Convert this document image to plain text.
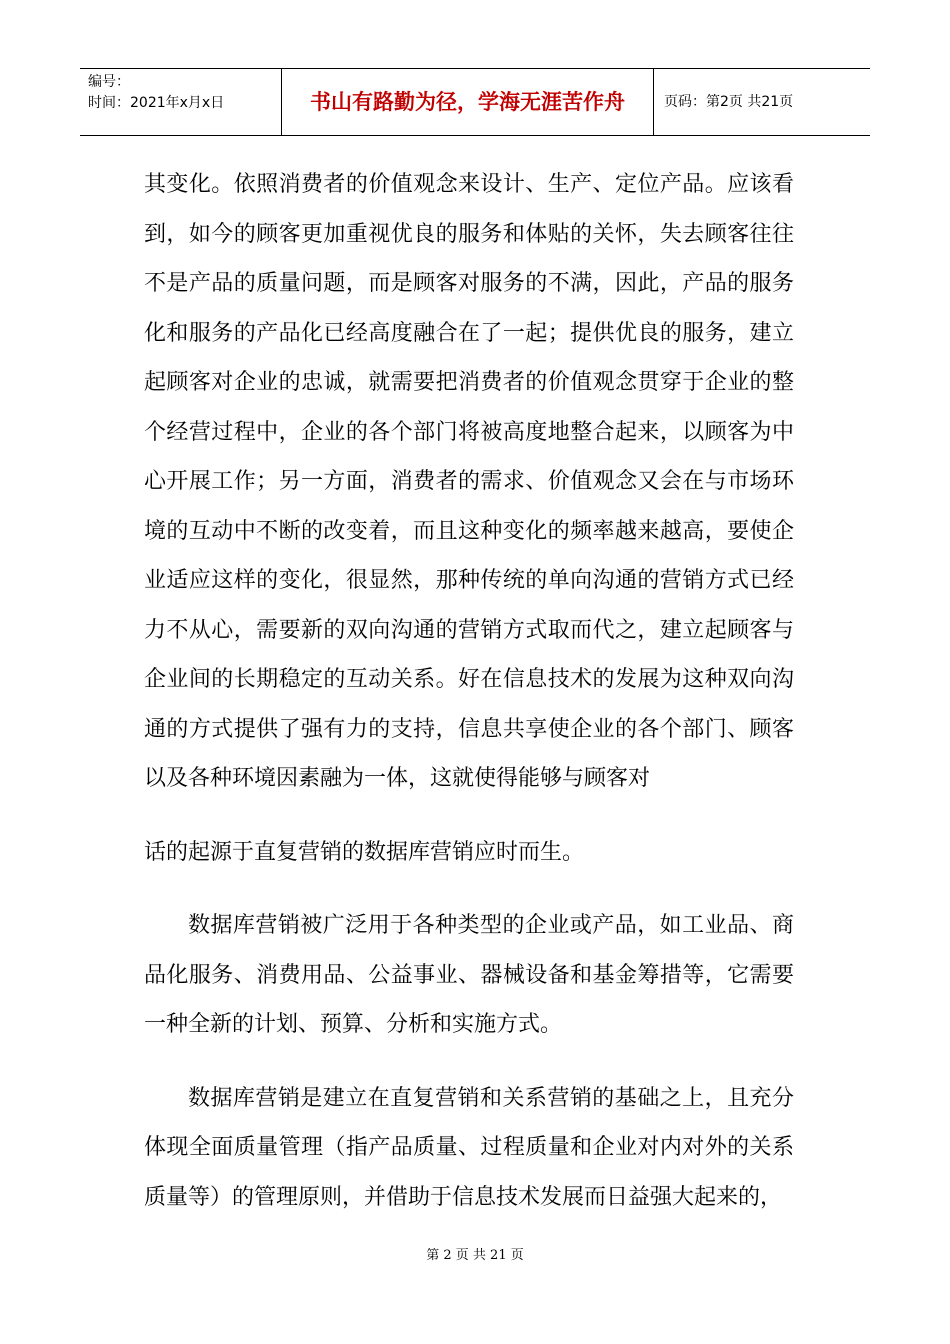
编号：
时间：2021年x月x日	书山有路勤为径，学海无涯苦作舟	页码：第2页 共21页

其变化。依照消费者的价值观念来设计、生产、定位产品。应该看到，如今的顾客更加重视优良的服务和体贴的关怀，失去顾客往往不是产品的质量问题，而是顾客对服务的不满，因此，产品的服务化和服务的产品化已经高度融合在了一起；提供优良的服务，建立起顾客对企业的忠诚，就需要把消费者的价值观念贯穿于企业的整个经营过程中，企业的各个部门将被高度地整合起来，以顾客为中心开展工作；另一方面，消费者的需求、价值观念又会在与市场环境的互动中不断的改变着，而且这种变化的频率越来越高，要使企业适应这样的变化，很显然，那种传统的单向沟通的营销方式已经力不从心，需要新的双向沟通的营销方式取而代之，建立起顾客与企业间的长期稳定的互动关系。好在信息技术的发展为这种双向沟通的方式提供了强有力的支持，信息共享使企业的各个部门、顾客以及各种环境因素融为一体，这就使得能够与顾客对

话的起源于直复营销的数据库营销应时而生。

数据库营销被广泛用于各种类型的企业或产品，如工业品、商品化服务、消费用品、公益事业、器械设备和基金筹措等，它需要一种全新的计划、预算、分析和实施方式。

数据库营销是建立在直复营销和关系营销的基础之上，且充分体现全面质量管理（指产品质量、过程质量和企业对内对外的关系质量等）的管理原则，并借助于信息技术发展而日益强大起来的，

第 2 页 共 21 页
